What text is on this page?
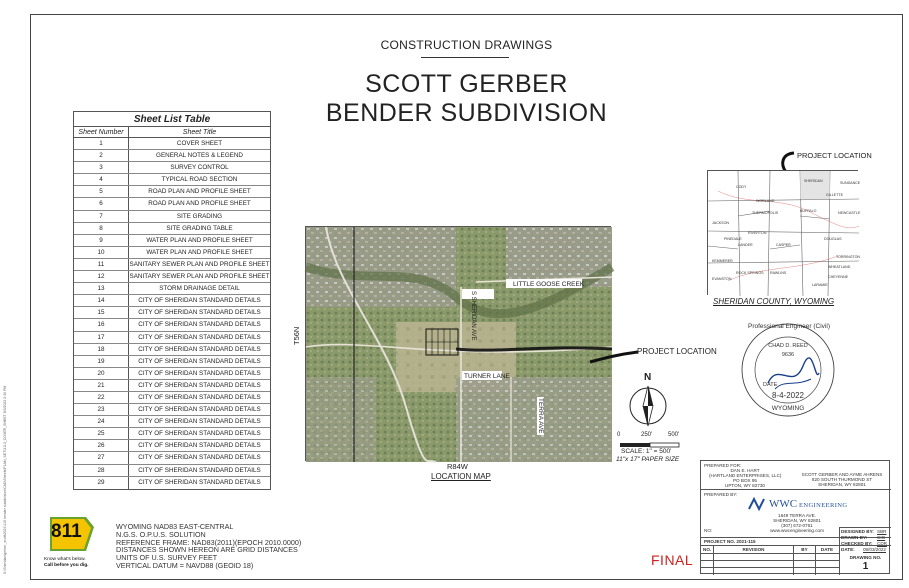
S:\Sheridan\gerber_scott\2021\115 bender subdivision\CAD\Sheets\PLAN_SET\2113_COVER_SHEET 8/3/2022 2:40 PM
CONSTRUCTION DRAWINGS
SCOTT GERBER
BENDER SUBDIVISION
Sheet List Table
Sheet Number	Sheet Title
1	COVER SHEET
2	GENERAL NOTES & LEGEND
3	SURVEY CONTROL
4	TYPICAL ROAD SECTION
5	ROAD PLAN AND PROFILE SHEET
6	ROAD PLAN AND PROFILE SHEET
7	SITE GRADING
8	SITE GRADING TABLE
9	WATER PLAN AND PROFILE SHEET
10	WATER PLAN AND PROFILE SHEET
11	SANITARY SEWER PLAN AND PROFILE SHEET
12	SANITARY SEWER PLAN AND PROFILE SHEET
13	STORM DRAINAGE DETAIL
14	CITY OF SHERIDAN STANDARD DETAILS
15	CITY OF SHERIDAN STANDARD DETAILS
16	CITY OF SHERIDAN STANDARD DETAILS
17	CITY OF SHERIDAN STANDARD DETAILS
18	CITY OF SHERIDAN STANDARD DETAILS
19	CITY OF SHERIDAN STANDARD DETAILS
20	CITY OF SHERIDAN STANDARD DETAILS
21	CITY OF SHERIDAN STANDARD DETAILS
22	CITY OF SHERIDAN STANDARD DETAILS
23	CITY OF SHERIDAN STANDARD DETAILS
24	CITY OF SHERIDAN STANDARD DETAILS
25	CITY OF SHERIDAN STANDARD DETAILS
26	CITY OF SHERIDAN STANDARD DETAILS
27	CITY OF SHERIDAN STANDARD DETAILS
28	CITY OF SHERIDAN STANDARD DETAILS
29	CITY OF SHERIDAN STANDARD DETAILS
LITTLE GOOSE CREEK
S SHERIDAN AVE
TURNER LANE
TERRA AVE
PROJECT LOCATION
T56N
R84W
LOCATION MAP
N
0	250'	500'
SCALE: 1" = 500'
11"x 17" PAPER SIZE
PROJECT LOCATION
SHERIDAN
BUFFALO
CASPER
CHEYENNE
JACKSON
CODY
GILLETTE
DOUGLAS
LARAMIE
ROCK SPRINGS RAWLINS
WORLAND
RIVERTON
LANDER
EVANSTON
TORRINGTON
NEWCASTLE
SUNDANCE
KEMMERER
PINEDALE
THERMOPOLIS
WHEATLAND
SHERIDAN COUNTY, WYOMING
Professional Engineer (Civil)
CHAD D. REED
9636
DATE
8-4-2022
WYOMING
811
Know what's below.
Call before you dig.
WYOMING NAD83 EAST-CENTRAL
N.G.S. O.P.U.S. SOLUTION
REFERENCE FRAME: NAD83(2011)(EPOCH 2010.0000)
DISTANCES SHOWN HEREON ARE GRID DISTANCES
UNITS OF U.S. SURVEY FEET
VERTICAL DATUM = NAVD88 (GEOID 18)	FINAL
PREPARED FOR:
DAN E. HART
(HARTLAND ENTERPRISES, LLC)
PO BOX 95
UPTON, WY 82730
SCOTT GERBER AND AYME AHRENS
820 SOUTH THURMOND ST
SHERIDAN, WY 82801
PREPARED BY:
WWC ENGINEERING
1849 TERRA AVE.
SHERIDAN, WY 82801
(307) 672-0761
www.wwcengineering.com
NO:
PROJECT NO. 2021-115
NO.	REVISION	BY	DATE
DESIGNED BY: SBR
DRAWN BY: CIG
CHECKED BY: CDR
DATE: 08/03/2022
DRAWING NO.
1
